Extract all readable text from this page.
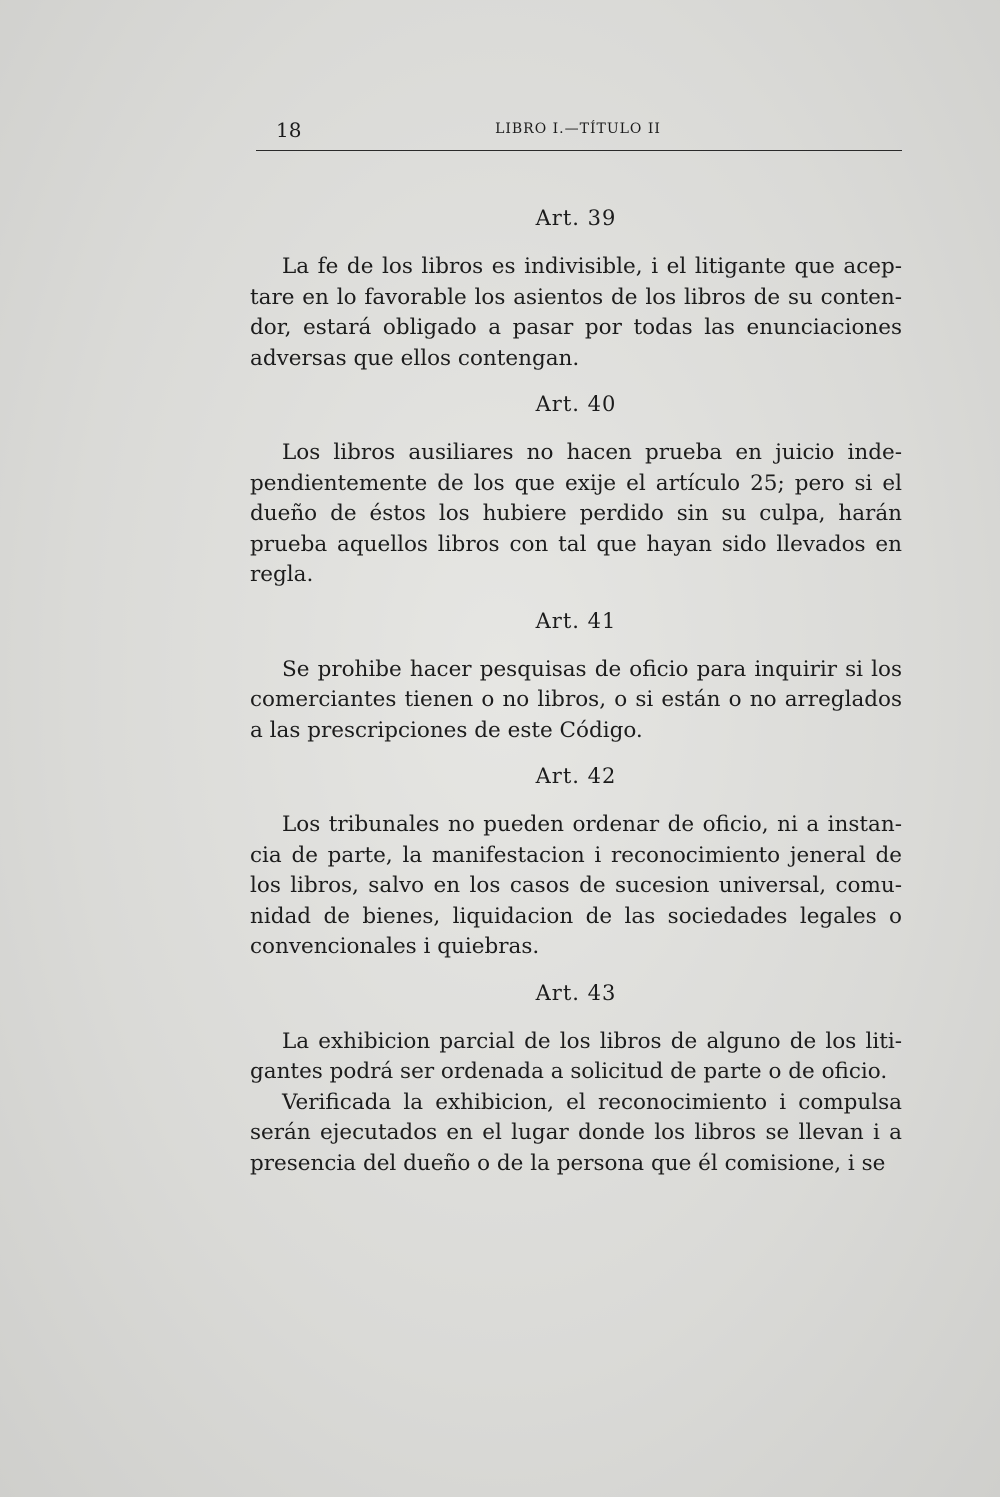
18	LIBRO I.—TÍTULO II
Art. 39

La fe de los libros es indivisible, i el litigante que aceptare en lo favorable los asientos de los libros de su contendor, estará obligado a pasar por todas las enunciaciones adversas que ellos contengan.

Art. 40

Los libros ausiliares no hacen prueba en juicio independientemente de los que exije el artículo 25; pero si el dueño de éstos los hubiere perdido sin su culpa, harán prueba aquellos libros con tal que hayan sido llevados en regla.

Art. 41

Se prohibe hacer pesquisas de oficio para inquirir si los comerciantes tienen o no libros, o si están o no arreglados a las prescripciones de este Código.

Art. 42

Los tribunales no pueden ordenar de oficio, ni a instancia de parte, la manifestacion i reconocimiento jeneral de los libros, salvo en los casos de sucesion universal, comunidad de bienes, liquidacion de las sociedades legales o convencionales i quiebras.

Art. 43

La exhibicion parcial de los libros de alguno de los litigantes podrá ser ordenada a solicitud de parte o de oficio.

Verificada la exhibicion, el reconocimiento i compulsa serán ejecutados en el lugar donde los libros se llevan i a presencia del dueño o de la persona que él comisione, i se
